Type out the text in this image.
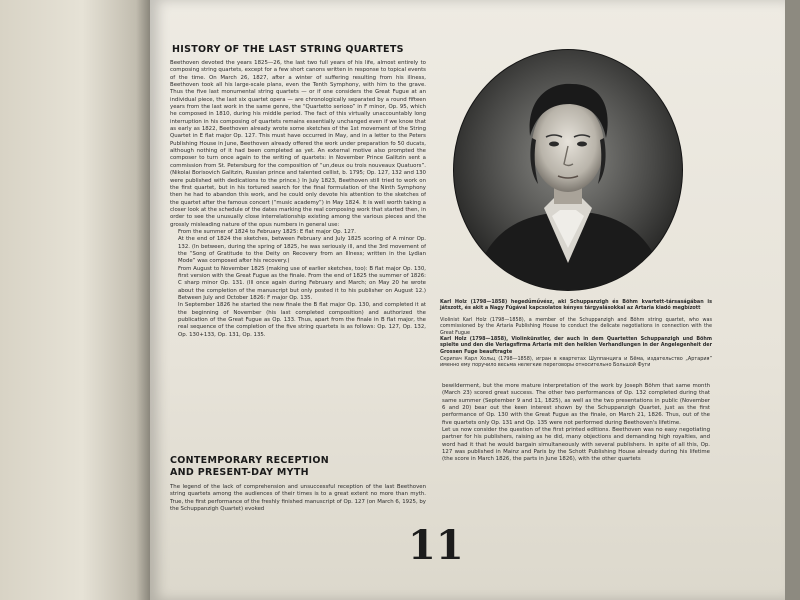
HISTORY OF THE LAST STRING QUARTETS

Beethoven devoted the years 1825—26, the last two full years of his life, almost entirely to composing string quartets, except for a few short canons written in response to topical events of the time. On March 26, 1827, after a winter of suffering resulting from his illness, Beethoven took all his large-scale plans, even the Tenth Symphony, with him to the grave. Thus the five last monumental string quartets — or if one considers the Great Fugue at an individual piece, the last six quartet opera — are chronologically separated by a round fifteen years from the last work in the same genre, the “Quartetto serioso” in F minor, Op. 95, which he composed in 1810, during his middle period. The fact of this virtually unaccountably long interruption in his composing of quartets remains essentially unchanged even if we know that as early as 1822, Beethoven already wrote some sketches of the 1st movement of the String Quartet in E flat major Op. 127. This must have occurred in May, and in a letter to the Peters Publishing House in June, Beethoven already offered the work under preparation fo 50 ducats, although nothing of it had been completed as yet. An external motive also prompted the composer to turn once again to the writing of quartets: in November Prince Galitzin sent a commission from St. Petersburg for the composition of “un,deux ou trois nouveaux Quatuors”. (Nikolai Borisovich Galitzin, Russian prince and talented cellist, b. 1795; Op. 127, 132 and 130 were published with dedications to the prince.) In July 1823, Beethoven still tried to work on the first quartet, but in his tortured search for the final formulation of the Ninth Symphony then he had to abandon this work, and he could only devote his attention to the sketches of the quartet after the famous concert (“music academy”) in May 1824. It is well worth taking a closer look at the schedule of the dates marking the real composing work that started then, in order to see the unusually close interrelationship existing among the various pieces and the grossly misleading nature of the opus numbers in general use:

From the summer of 1824 to February 1825: E flat major Op. 127.

At the end of 1824 the sketches, between February and July 1825 scoring of A minor Op. 132. (In between, during the spring of 1825, he was seriously ill, and the 3rd movement of the “Song of Gratitude to the Deity on Recovery from an Illness; written in the Lydian Mode” was composed after his recovery.)

From August to November 1825 (making use of earlier sketches, too): B flat major Op. 130, first version with the Great Fugue as the finale. From the end of 1825 the summer of 1826: C sharp minor Op. 131. (Ill once again during February and March; on May 20 he wrote about the completion of the manuscript but only posted it to his publisher on August 12.) Between July and October 1826: F major Op. 135.

In September 1826 he started the new finale the B flat major Op. 130, and completed it at the beginning of November (his last completed composition) and authorized the publication of the Great Fugue as Op. 133. Thus, apart from the finale in B flat major, the real sequence of the completion of the five string quartets is as follows: Op. 127, Op. 132, Op. 130+133, Op. 131, Op. 135.

CONTEMPORARY RECEPTION
AND PRESENT-DAY MYTH

The legend of the lack of comprehension and unsuccessful reception of the last Beethoven string quartets among the audiences of their times is to a great extent no more than myth. True, the first performance of the freshly finished manuscript of Op. 127 (on March 6, 1925, by the Schuppanzigh Quartet) evoked

Karl Holz (1798—1858) hegedűművész, aki Schuppanzigh és Böhm kvartett-társaságában is játszott, és akit a Nagy Fúgával kapcsolatos kényes tárgyalásokkal az Artaria kiadó megbízott
Violinist Karl Holz (1798—1858), a member of the Schuppanzigh and Böhm string quartet, who was commissioned by the Artaria Publishing House to conduct the delicate negotiations in connection with the Great Fugue
Karl Holz (1798—1858), Violinkünstler, der auch in dem Quartetten Schuppanzigh und Böhm spielte und den die Verlagsfirma Artaria mit den heiklen Verhandlungen in der Angelegenheit der Grossen Fuge beauftragte
Скрипач Карл Хольц (1798—1858), игран в квартетах Шуппанцига и Бёма, издательство „Артария” именно ему поручило весьма нелегкие переговоры относительно Большой Фуги

bewilderment, but the more mature interpretation of the work by Joseph Böhm that same month (March 23) scored great success. The other two performances of Op. 132 completed during that same summer (September 9 and 11, 1825), as well as the two presentations in public (November 6 and 20) bear out the keen interest shown by the Schuppanzigh Quartet, just as the first performance of Op. 130 with the Great Fugue as the finale, on March 21, 1826. Thus, out of the five quartets only Op. 131 and Op. 135 were not performed during Beethoven's lifetime.

Let us now consider the question of the first printed editions. Beethoven was no easy negotiating partner for his publishers, raising as he did, many objections and demanding high royalties, and word had it that he would bargain simultaneously with several publishers. In spite of all this, Op. 127 was published in Mainz and Paris by the Schott Publishing House already during his lifetime (the score in March 1826, the parts in June 1826), with the other quartets

11
